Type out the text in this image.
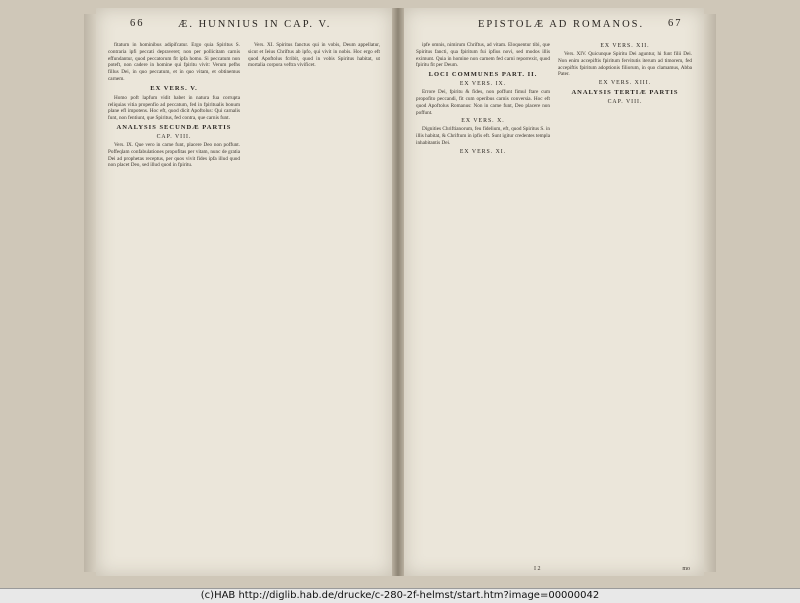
66	Æ. HUNNIUS IN CAP. V.

fitaturn in hominibus adipifcatur. Ergo quia Spiritus S. contraria ipfi peccati depraveret; non per pollicitam carnis effundantur, quod peccatorum fit ipfa homo. Si peccatum non poteft, non cadere in homine qui fpiritu vivit: Verum pefhs fillus Dei, in quo peccatum, et in quo vitam, et obtinemus carnem.

EX VERS. V.

Homo poft lapfum vidit habet in natura fua corrupta reliquias vitia propenfio ad peccatum, fed in fpiritualis bonum plane efl impotens. Hoc eft, quod dicit Apoftolus: Qui carnalis funt, non fentiunt, que Spiritus, fed contra, que carnis funt.

ANALYSIS SECUNDÆ PARTIS
CAP. VIII.

Vers. IX. Que vero in carne funt, placere Deo non poffunt. Poffeqlam confabulationes propofitas per vitam, nunc de gratia Dei ad prophetas receptus, per quos vivit fides ipfa illud quod non placet Deo, sed illud quod in fpiritu.

Vers. XI. Spiritus fanctus qui in vobis, Deum appellatur, sicut et Ieius Chriftus ab ipfo, qui vivit in nobis. Hoc ergo eft quod Apoftolus fcribit, quod in vobis Spiritus habitat, ut mortalia corpora veftra vivificet.

EPISTOLÆ AD ROMANOS. 67

ipfe omnis, nimirum Chriftus, ad vitam. Eloquentur tibi, que Spiritus fancti, qua fpiritum fui ipfius novi, sed modos illis eximunt. Quia in homine non carnem fed carni reporrexit, quod fpiritu fit per Deum.

LOCI COMMUNES PART. II.
EX VERS. IX.

Errore Dei, fpiritu & fides, non poffunt fimul ftare cum propofito peccandi, fit cum operibus carnis conversia. Hoc eft quod Apoftolus Romanus: Non in carne funt, Deo placere non poffunt.

EX VERS. X.

Dignities Chriftianorum, feu fidelium, eft, quod Spiritus S. in illis habitat, & Chriftum in ipfis eft. Sunt igitur credentes templa inhabitantis Dei.

EX VERS. XI.
EX VERS. XII.

Vers. XIV. Quicunque Spiritu Dei aguntur, hi funt filii Dei. Non enim accepiftis fpiritum fervitutis iterum ad timorem, fed accepiftis fpiritum adoptionis filiorum, in quo clamamus, Abba Pater.

EX VERS. XIII.
ANALYSIS TERTIÆ PARTIS
CAP. VIII.
I 2	mo
(c)HAB http://diglib.hab.de/drucke/c-280-2f-helmst/start.htm?image=00000042
